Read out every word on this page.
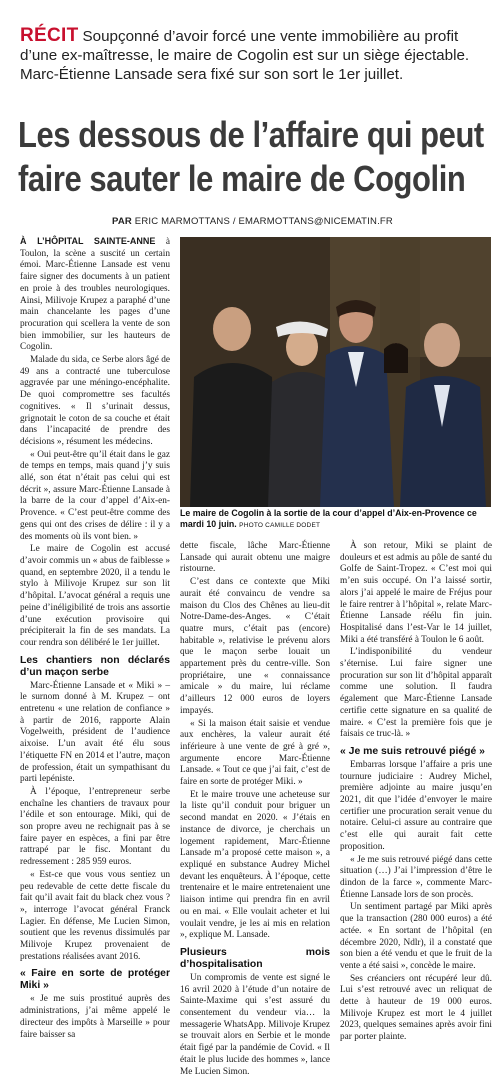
RÉCIT Soupçonné d’avoir forcé une vente immobilière au profit d’une ex-maîtresse, le maire de Cogolin est sur un siège éjectable. Marc-Étienne Lansade sera fixé sur son sort le 1er juillet.
Les dessous de l’affaire qui peut
faire sauter le maire de Cogolin
PAR ERIC MARMOTTANS / EMARMOTTANS@NICEMATIN.FR

À L’HÔPITAL SAINTE-ANNE à Toulon, la scène a suscité un certain émoi. Marc-Étienne Lansade est venu faire signer des documents à un patient en proie à des troubles neurologiques. Ainsi, Milivoje Krupez a paraphé d’une main chancelante les pages d’une procuration qui scellera la vente de son bien immobilier, sur les hauteurs de Cogolin.

Malade du sida, ce Serbe alors âgé de 49 ans a contracté une tuberculose aggravée par une méningo-encéphalite. De quoi compromettre ses facultés cognitives. « Il s’urinait dessus, grignotait le coton de sa couche et était dans l’incapacité de prendre des décisions », résument les médecins.

« Oui peut-être qu’il était dans le gaz de temps en temps, mais quand j’y suis allé, son état n’était pas celui qui est décrit », assure Marc-Étienne Lansade à la barre de la cour d’appel d’Aix-en-Provence. « C’est peut-être comme des gens qui ont des crises de délire : il y a des moments où ils vont bien. »

Le maire de Cogolin est accusé d’avoir commis un « abus de faiblesse » quand, en septembre 2020, il a tendu le stylo à Milivoje Krupez sur son lit d’hôpital. L’avocat général a requis une peine d’inéligibilité de trois ans assortie d’une exécution provisoire qui précipiterait la fin de ses mandats. La cour rendra son délibéré le 1er juillet.

Les chantiers non déclarés d’un maçon serbe

Marc-Étienne Lansade et « Miki » – le surnom donné à M. Krupez – ont entretenu « une relation de confiance » à partir de 2016, rapporte Alain Vogelweith, président de l’audience aixoise. L’un avait été élu sous l’étiquette FN en 2014 et l’autre, maçon de profession, était un sympathisant du parti lepéniste.

À l’époque, l’entrepreneur serbe enchaîne les chantiers de travaux pour l’édile et son entourage. Miki, qui de son propre aveu ne rechignait pas à se faire payer en espèces, a fini par être rattrapé par le fisc. Montant du redressement : 285 959 euros.

« Est-ce que vous vous sentiez un peu redevable de cette dette fiscale du fait qu’il avait fait du black chez vous ? », interroge l’avocat général Franck Lagier. En défense, Me Lucien Simon, soutient que les revenus dissimulés par Milivoje Krupez provenaient de prestations réalisées avant 2016.

« Faire en sorte de protéger Miki »

« Je me suis prostitué auprès des administrations, j’ai même appelé le directeur des impôts à Marseille » pour faire baisser sa

Le maire de Cogolin à la sortie de la cour d’appel d’Aix-en-Provence ce mardi 10 juin. PHOTO CAMILLE DODET

dette fiscale, lâche Marc-Étienne Lansade qui aurait obtenu une maigre ristourne.

C’est dans ce contexte que Miki aurait été convaincu de vendre sa maison du Clos des Chênes au lieu-dit Notre-Dame-des-Anges. « C’était quatre murs, c’était pas (encore) habitable », relativise le prévenu alors que le maçon serbe louait un appartement près du centre-ville. Son propriétaire, une « connaissance amicale » du maire, lui réclame d’ailleurs 12 000 euros de loyers impayés.

« Si la maison était saisie et vendue aux enchères, la valeur aurait été inférieure à une vente de gré à gré », argumente encore Marc-Étienne Lansade. « Tout ce que j’ai fait, c’est de faire en sorte de protéger Miki. »

Et le maire trouve une acheteuse sur la liste qu’il conduit pour briguer un second mandat en 2020. « J’étais en instance de divorce, je cherchais un logement rapidement, Marc-Étienne Lansade m’a proposé cette maison », a expliqué en substance Audrey Michel devant les enquêteurs. À l’époque, cette trentenaire et le maire entretenaient une liaison intime qui prendra fin en avril ou en mai. « Elle voulait acheter et lui voulait vendre, je les ai mis en relation », explique M. Lansade.

Plusieurs mois d’hospitalisation

Un compromis de vente est signé le 16 avril 2020 à l’étude d’un notaire de Sainte-Maxime qui s’est assuré du consentement du vendeur via… la messagerie WhatsApp. Milivoje Krupez se trouvait alors en Serbie et le monde était figé par la pandémie de Covid. « Il était le plus lucide des hommes », lance Me Lucien Simon.

À son retour, Miki se plaint de douleurs et est admis au pôle de santé du Golfe de Saint-Tropez. « C’est moi qui m’en suis occupé. On l’a laissé sortir, alors j’ai appelé le maire de Fréjus pour le faire rentrer à l’hôpital », relate Marc-Étienne Lansade réélu fin juin. Hospitalisé dans l’est-Var le 14 juillet, Miki a été transféré à Toulon le 6 août.

L’indisponibilité du vendeur s’éternise. Lui faire signer une procuration sur son lit d’hôpital apparaît comme une solution. Il faudra également que Marc-Étienne Lansade certifie cette signature en sa qualité de maire. « C’est la première fois que je faisais ce truc-là. »

« Je me suis retrouvé piégé »

Embarras lorsque l’affaire a pris une tournure judiciaire : Audrey Michel, première adjointe au maire jusqu’en 2021, dit que l’idée d’envoyer le maire certifier une procuration serait venue du notaire. Celui-ci assure au contraire que c’est elle qui aurait fait cette proposition.

« Je me suis retrouvé piégé dans cette situation (…) J’ai l’impression d’être le dindon de la farce », commente Marc-Étienne Lansade lors de son procès.

Un sentiment partagé par Miki après que la transaction (280 000 euros) a été actée. « En sortant de l’hôpital (en décembre 2020, Ndlr), il a constaté que son bien a été vendu et que le fruit de la vente a été saisi », concède le maire.

Ses créanciers ont récupéré leur dû. Lui s’est retrouvé avec un reliquat de dette à hauteur de 19 000 euros. Milivoje Krupez est mort le 4 juillet 2023, quelques semaines après avoir fini par porter plainte.
